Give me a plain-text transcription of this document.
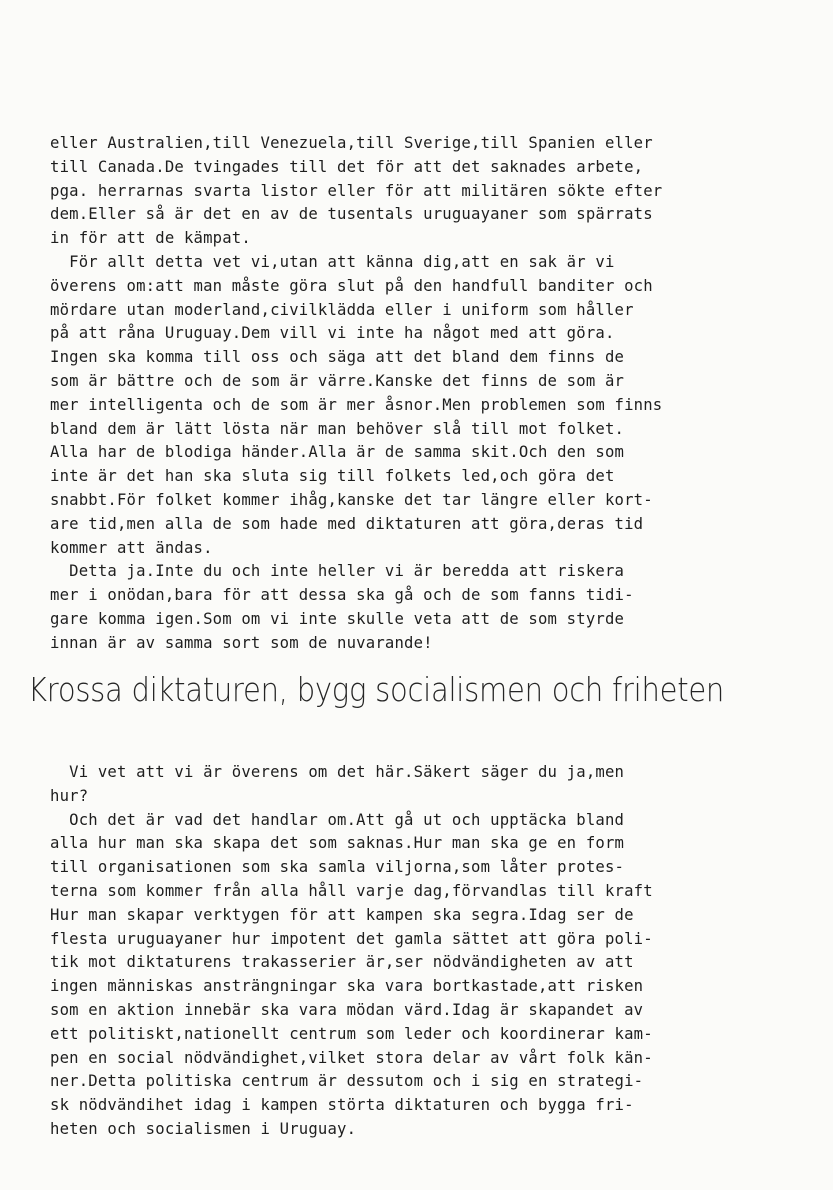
eller Australien,till Venezuela,till Sverige,till Spanien eller
till Canada.De tvingades till det för att det saknades arbete,
pga. herrarnas svarta listor eller för att militären sökte efter
dem.Eller så är det en av de tusentals uruguayaner som spärrats
in för att de kämpat.
För allt detta vet vi,utan att känna dig,att en sak är vi
överens om:att man måste göra slut på den handfull banditer och
mördare utan moderland,civilklädda eller i uniform som håller
på att råna Uruguay.Dem vill vi inte ha något med att göra.
Ingen ska komma till oss och säga att det bland dem finns de
som är bättre och de som är värre.Kanske det finns de som är
mer intelligenta och de som är mer åsnor.Men problemen som finns
bland dem är lätt lösta när man behöver slå till mot folket.
Alla har de blodiga händer.Alla är de samma skit.Och den som
inte är det han ska sluta sig till folkets led,och göra det
snabbt.För folket kommer ihåg,kanske det tar längre eller kort-
are tid,men alla de som hade med diktaturen att göra,deras tid
kommer att ändas.
Detta ja.Inte du och inte heller vi är beredda att riskera
mer i onödan,bara för att dessa ska gå och de som fanns tidi-
gare komma igen.Som om vi inte skulle veta att de som styrde
innan är av samma sort som de nuvarande!
Krossa diktaturen, bygg socialismen och friheten
Vi vet att vi är överens om det här.Säkert säger du ja,men
hur?
Och det är vad det handlar om.Att gå ut och upptäcka bland
alla hur man ska skapa det som saknas.Hur man ska ge en form
till organisationen som ska samla viljorna,som låter protes-
terna som kommer från alla håll varje dag,förvandlas till kraft
Hur man skapar verktygen för att kampen ska segra.Idag ser de
flesta uruguayaner hur impotent det gamla sättet att göra poli-
tik mot diktaturens trakasserier är,ser nödvändigheten av att
ingen människas ansträngningar ska vara bortkastade,att risken
som en aktion innebär ska vara mödan värd.Idag är skapandet av
ett politiskt,nationellt centrum som leder och koordinerar kam-
pen en social nödvändighet,vilket stora delar av vårt folk kän-
ner.Detta politiska centrum är dessutom och i sig en strategi-
sk nödvändihet idag i kampen störta diktaturen och bygga fri-
heten och socialismen i Uruguay.
